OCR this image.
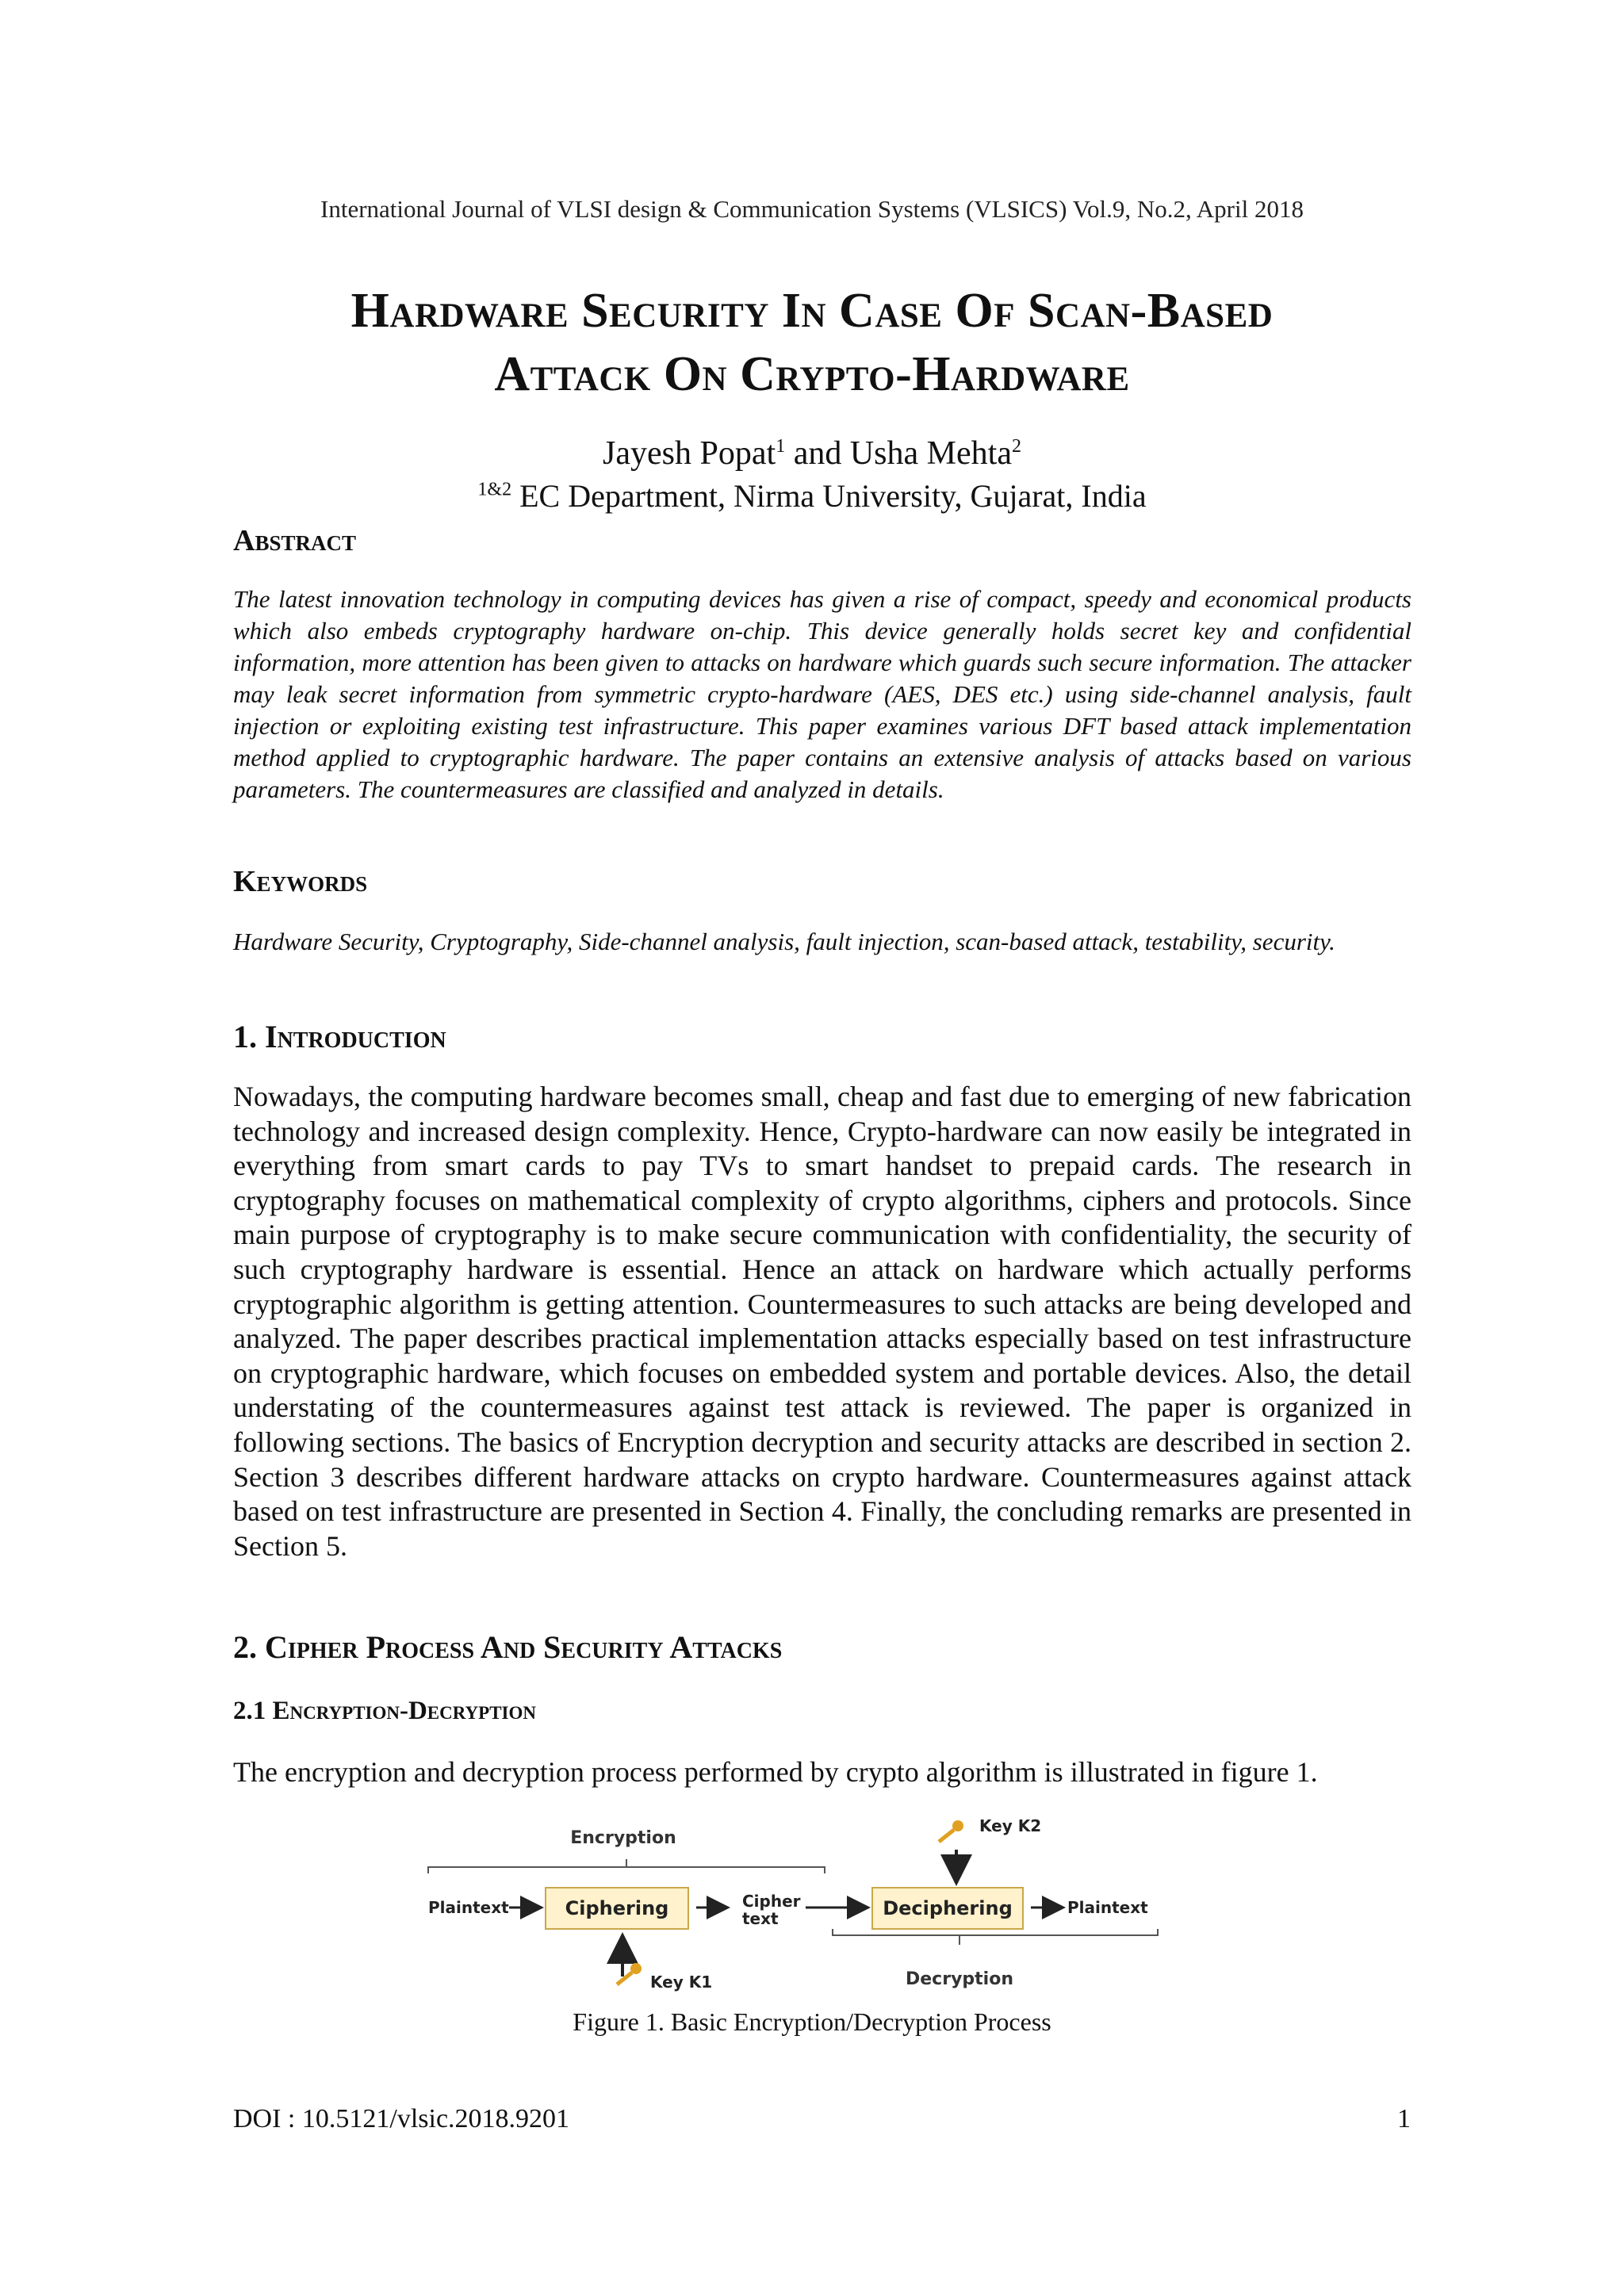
International Journal of VLSI design & Communication Systems (VLSICS) Vol.9, No.2, April 2018
Hardware Security In Case Of Scan-Based
Attack On Crypto-Hardware
Jayesh Popat$^1$ and Usha Mehta$^2$
$^{1\&2}$ EC Department, Nirma University, Gujarat, India
Abstract
The latest innovation technology in computing devices has given a rise of compact, speedy and economical products which also embeds cryptography hardware on-chip. This device generally holds secret key and confidential information, more attention has been given to attacks on hardware which guards such secure information. The attacker may leak secret information from symmetric crypto-hardware (AES, DES etc.) using side-channel analysis, fault injection or exploiting existing test infrastructure. This paper examines various DFT based attack implementation method applied to cryptographic hardware. The paper contains an extensive analysis of attacks based on various parameters. The countermeasures are classified and analyzed in details.
Keywords
Hardware Security, Cryptography, Side-channel analysis, fault injection, scan-based attack, testability, security.
1. Introduction
Nowadays, the computing hardware becomes small, cheap and fast due to emerging of new fabrication technology and increased design complexity. Hence, Crypto-hardware can now easily be integrated in everything from smart cards to pay TVs to smart handset to prepaid cards. The research in cryptography focuses on mathematical complexity of crypto algorithms, ciphers and protocols. Since main purpose of cryptography is to make secure communication with confidentiality, the security of such cryptography hardware is essential. Hence an attack on hardware which actually performs cryptographic algorithm is getting attention. Countermeasures to such attacks are being developed and analyzed. The paper describes practical implementation attacks especially based on test infrastructure on cryptographic hardware, which focuses on embedded system and portable devices. Also, the detail understating of the countermeasures against test attack is reviewed. The paper is organized in following sections. The basics of Encryption decryption and security attacks are described in section 2. Section 3 describes different hardware attacks on crypto hardware. Countermeasures against attack based on test infrastructure are presented in Section 4. Finally, the concluding remarks are presented in Section 5.
2. Cipher Process And Security Attacks
2.1 Encryption-Decryption
The encryption and decryption process performed by crypto algorithm is illustrated in figure 1.
Encryption
Decryption
Plaintext	Ciphering	Cipher
text	Deciphering	Plaintext
Key K2
Key K1
Figure 1. Basic Encryption/Decryption Process
DOI : 10.5121/vlsic.2018.9201	1
